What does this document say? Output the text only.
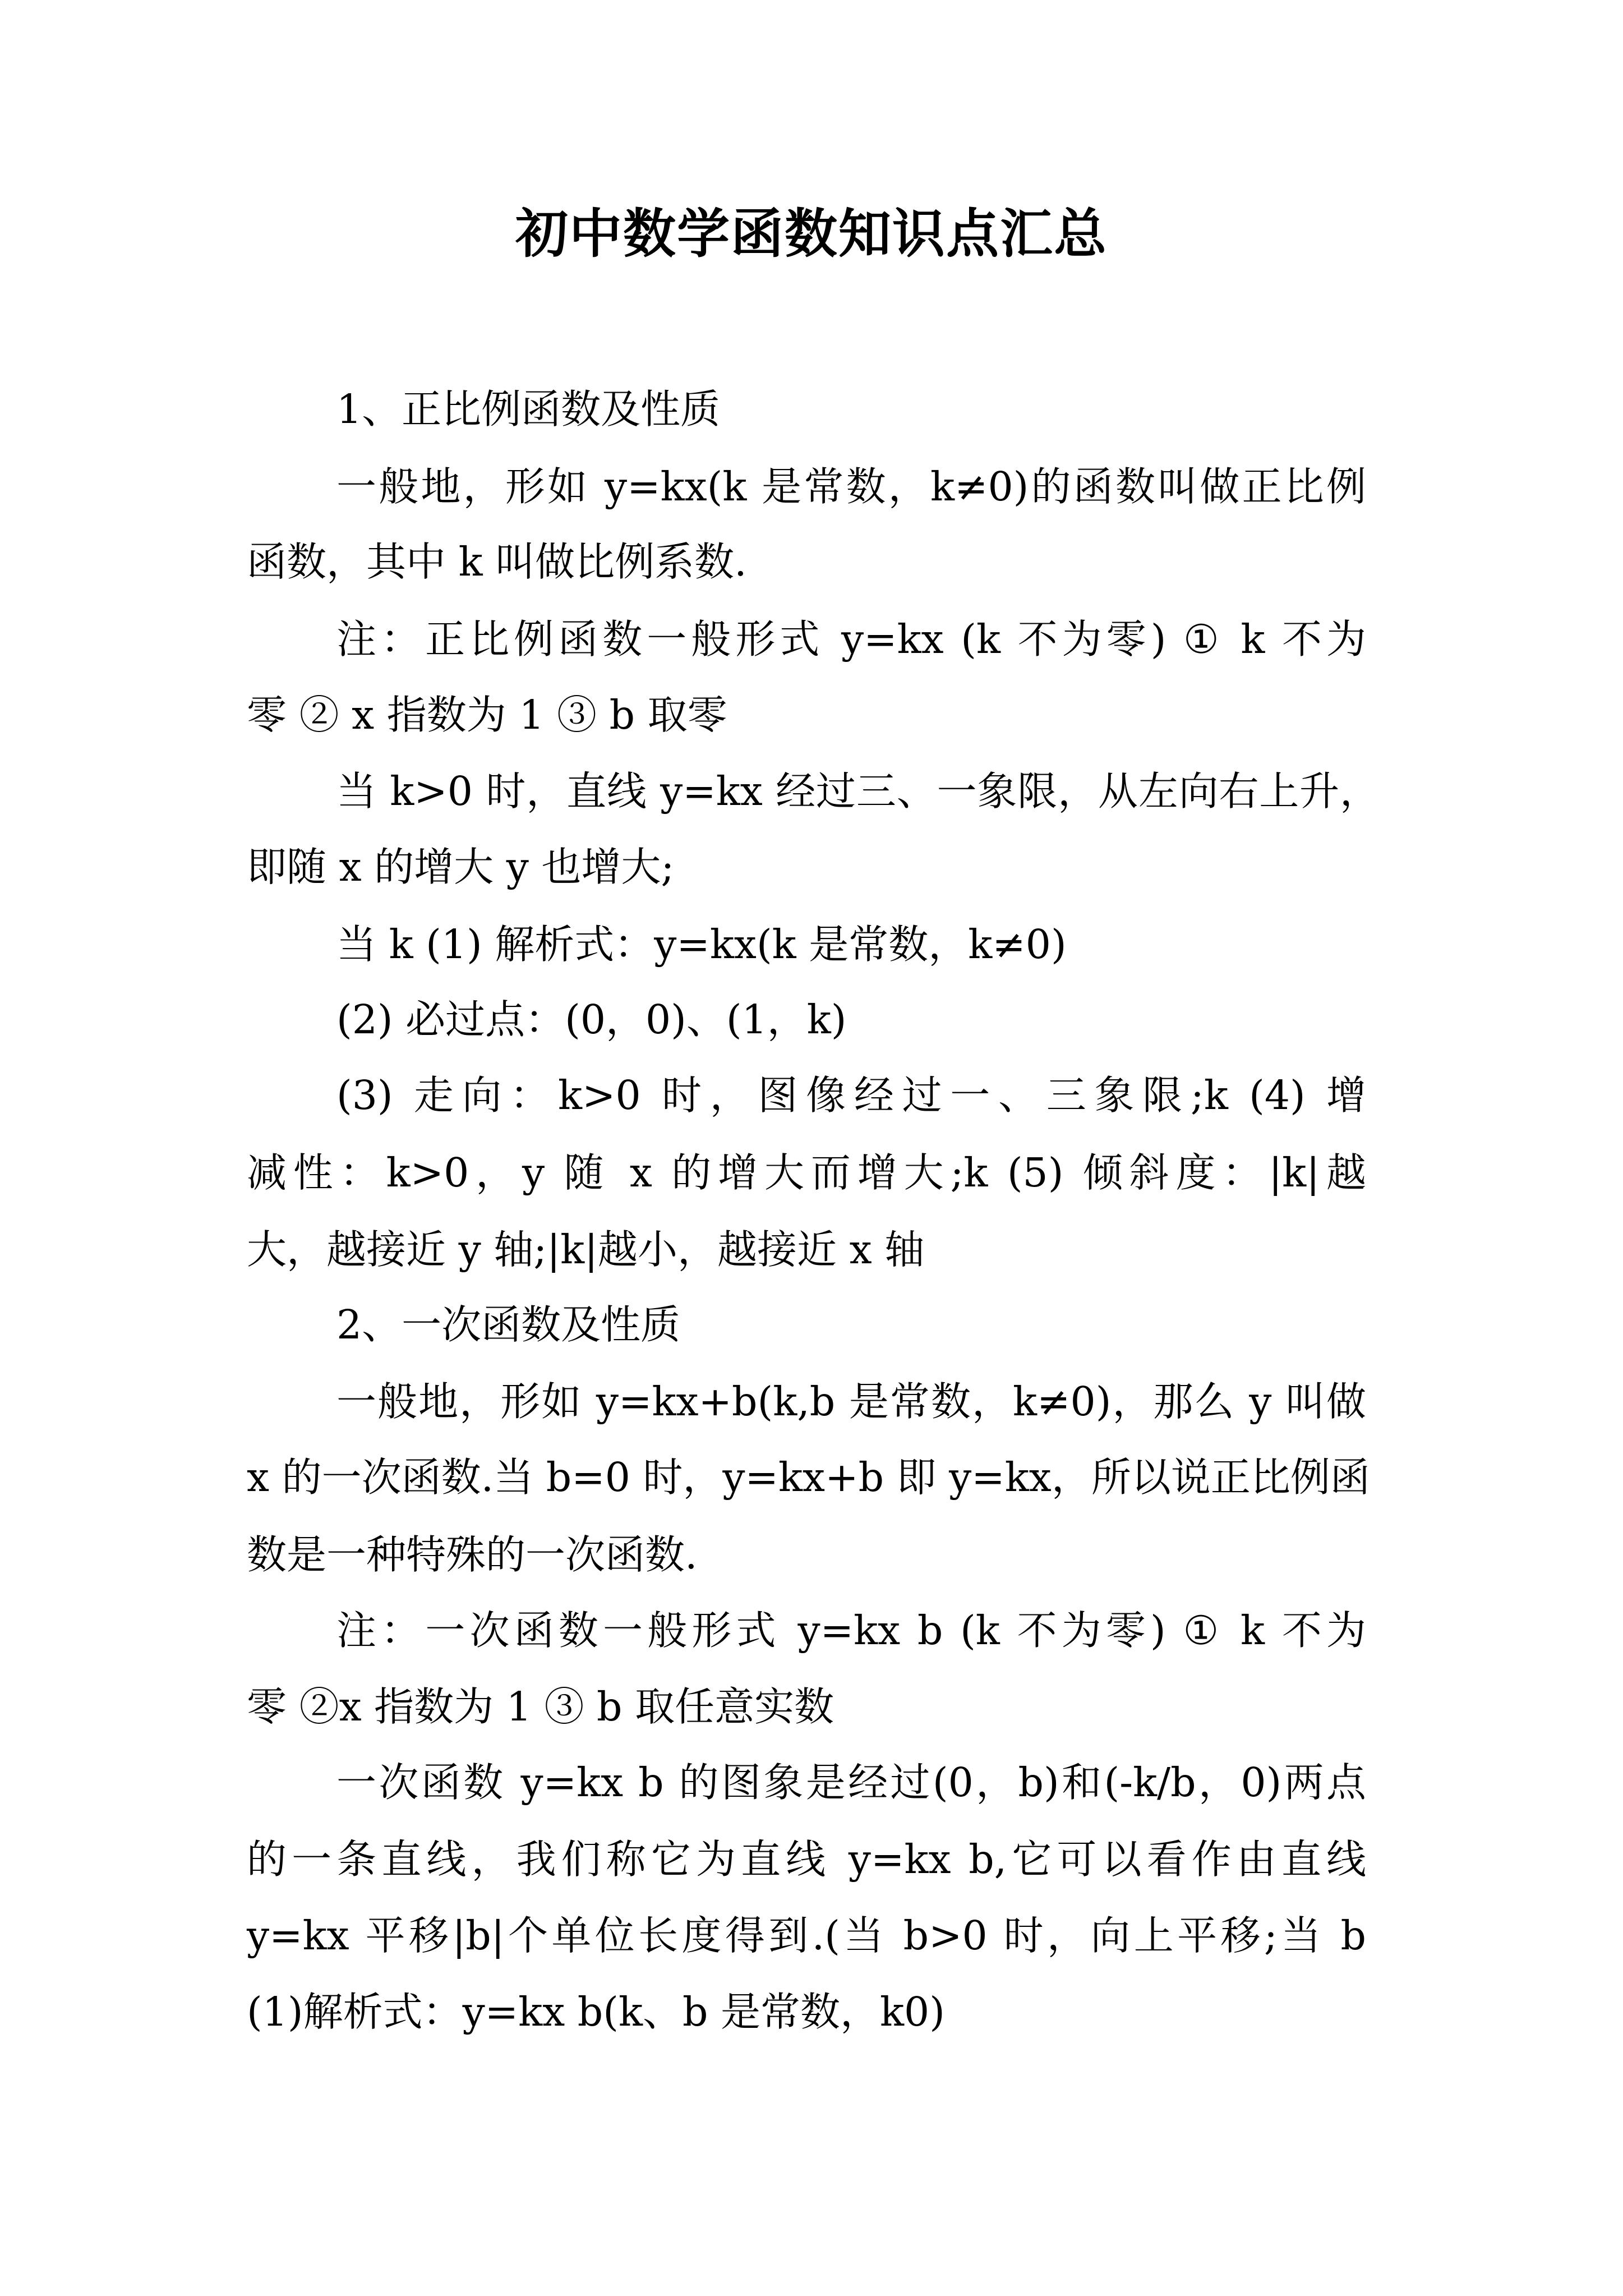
初中数学函数知识点汇总
1、正比例函数及性质
一般地，形如 y=kx(k 是常数，k≠0)的函数叫做正比例
函数，其中 k 叫做比例系数.
注：正比例函数一般形式 y=kx (k 不为零) ① k 不为
零 ② x 指数为 1 ③ b 取零
当 k>0 时，直线 y=kx 经过三、一象限，从左向右上升，
即随 x 的增大 y 也增大;
当 k (1) 解析式：y=kx(k 是常数，k≠0)
(2) 必过点：(0，0)、(1，k)
(3) 走向：k>0 时，图像经过一、三象限;k (4) 增
减性：k>0，y 随 x 的增大而增大;k (5) 倾斜度：|k|越
大，越接近 y 轴;|k|越小，越接近 x 轴
2、一次函数及性质
一般地，形如 y=kx+b(k,b 是常数，k≠0)，那么 y 叫做
x 的一次函数.当 b=0 时，y=kx+b 即 y=kx，所以说正比例函
数是一种特殊的一次函数.
注：一次函数一般形式 y=kx b (k 不为零) ① k 不为
零 ②x 指数为 1 ③ b 取任意实数
一次函数 y=kx b 的图象是经过(0，b)和(-k/b，0)两点
的一条直线，我们称它为直线 y=kx b,它可以看作由直线
y=kx 平移|b|个单位长度得到.(当 b>0 时，向上平移;当 b
(1)解析式：y=kx b(k、b 是常数，k0)
